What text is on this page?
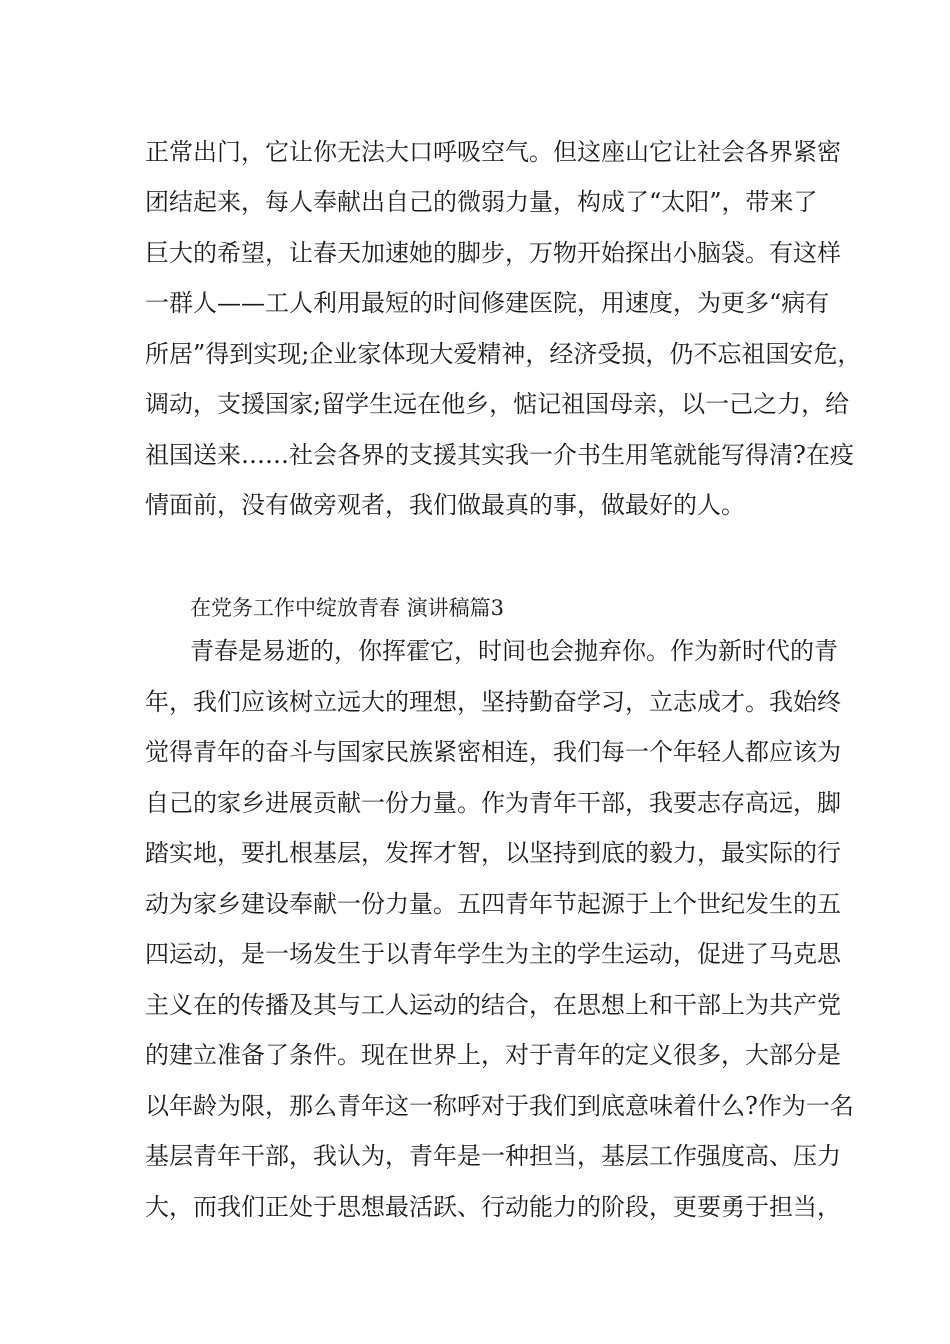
正常出门，它让你无法大口呼吸空气。但这座山它让社会各界紧密
团结起来，每人奉献出自己的微弱力量，构成了“太阳”，带来了
巨大的希望，让春天加速她的脚步，万物开始探出小脑袋。有这样
一群人——工人利用最短的时间修建医院，用速度，为更多“病有
所居”得到实现;企业家体现大爱精神，经济受损，仍不忘祖国安危，
调动，支援国家;留学生远在他乡，惦记祖国母亲，以一己之力，给
祖国送来……社会各界的支援其实我一介书生用笔就能写得清?在疫
情面前，没有做旁观者，我们做最真的事，做最好的人。
在党务工作中绽放青春 演讲稿篇3
青春是易逝的，你挥霍它，时间也会抛弃你。作为新时代的青
年，我们应该树立远大的理想，坚持勤奋学习，立志成才。我始终
觉得青年的奋斗与国家民族紧密相连，我们每一个年轻人都应该为
自己的家乡进展贡献一份力量。作为青年干部，我要志存高远，脚
踏实地，要扎根基层，发挥才智，以坚持到底的毅力，最实际的行
动为家乡建设奉献一份力量。五四青年节起源于上个世纪发生的五
四运动，是一场发生于以青年学生为主的学生运动，促进了马克思
主义在的传播及其与工人运动的结合，在思想上和干部上为共产党
的建立准备了条件。现在世界上，对于青年的定义很多，大部分是
以年龄为限，那么青年这一称呼对于我们到底意味着什么?作为一名
基层青年干部，我认为，青年是一种担当，基层工作强度高、压力
大，而我们正处于思想最活跃、行动能力的阶段，更要勇于担当，
